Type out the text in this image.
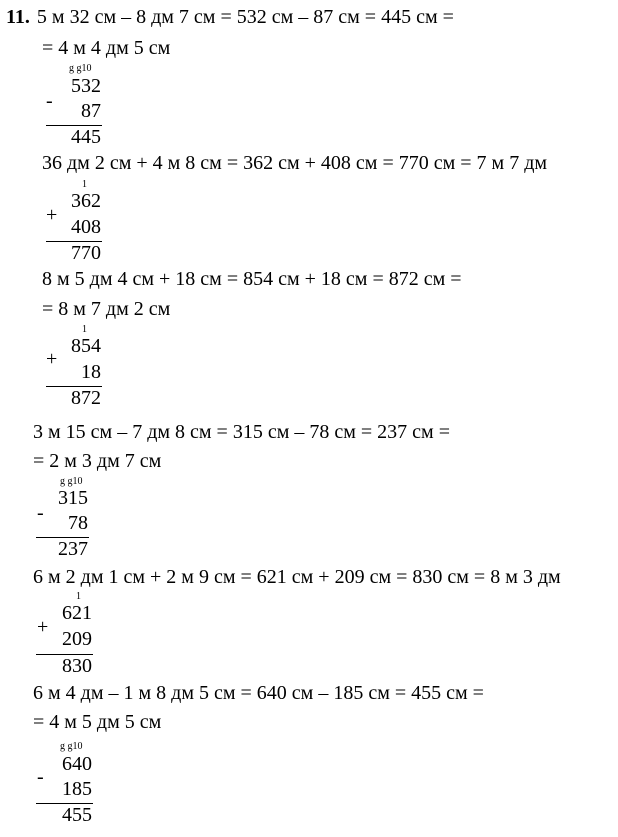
11. 5 м 32 см – 8 дм 7 см = 532 см – 87 см = 445 см =
= 4 м 4 дм 5 см
g g10
532
-	87
445
36 дм 2 см + 4 м 8 см = 362 см + 408 см = 770 см = 7 м 7 дм
1
362
+
408
770
8 м 5 дм 4 см + 18 см = 854 см + 18 см = 872 см =
= 8 м 7 дм 2 см
1
854
+
18
872
3 м 15 см – 7 дм 8 см = 315 см – 78 см = 237 см =
= 2 м 3 дм 7 см
g g10
315
-	78
237
6 м 2 дм 1 см + 2 м 9 см = 621 см + 209 см = 830 см = 8 м 3 дм
1
621
+
209
830
6 м 4 дм – 1 м 8 дм 5 см = 640 см – 185 см = 455 см =
= 4 м 5 дм 5 см
g g10
640
-
185
455
